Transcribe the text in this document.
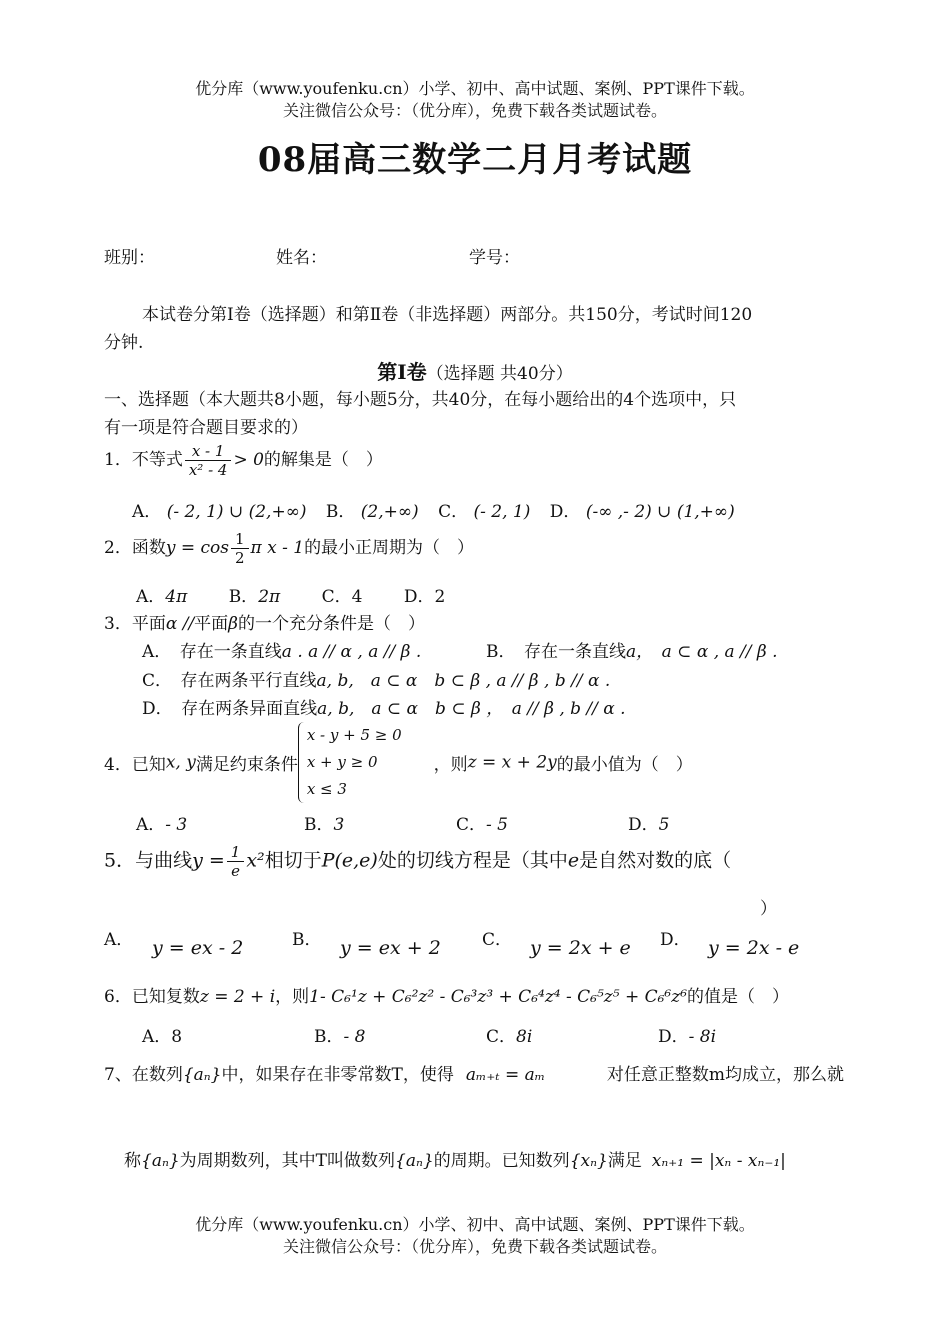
优分库（www.youfenku.cn）小学、初中、高中试题、案例、PPT课件下载。
关注微信公众号：（优分库），免费下载各类试题试卷。
08届高三数学二月月考试题
班别：	姓名：	学号：
本试卷分第Ⅰ卷（选择题）和第Ⅱ卷（非选择题）两部分。共150分，考试时间120
分钟.
第Ⅰ卷（选择题 共40分）
一、选择题（本大题共8小题，每小题5分，共40分，在每小题给出的4个选项中，只
有一项是符合题目要求的）
1．不等式 $\frac{x - 1}{\text{x² - 4}} > 0$的解集是（　）
A． (- 2, 1) ∪ (2,+∞) B． (2,+∞) C． (- 2, 1) D． (-∞ ,- 2) ∪ (1,+∞)
2．函数$y = \cos \frac{1}{2}$ π x - 1的最小正周期为（　）
A．4π B．2π C．4 D．2
3．平面α //平面β的一个充分条件是（　）
A．　存在一条直线a . a // α , a // β .	B．　存在一条直线a，　a ⊂ α , a // β .
C．　存在两条平行直线a, b,　a ⊂ α　b ⊂ β , a // β , b // α .
D．　存在两条异面直线a, b,　a ⊂ α　b ⊂ β ，　a // β , b // α .
4．已知x, y满足约束条件
x - y + 5 ≥ 0
x + y ≥ 0
x ≤ 3
，则z = x + 2y的最小值为（　）
A．- 3	B．3	C．- 5	D．5
5．与曲线$y = \frac{1}{e} x^2$相切于P(e,e)处的切线方程是（其中e是自然对数的底（
）
A． y = ex - 2	B． y = ex + 2 C． y = 2x + e D． y = 2x - e
6．已知复数z = 2 + i，则1- C₆¹z + C₆²z² - C₆³z³ + C₆⁴z⁴ - C₆⁵z⁵ + C₆⁶z⁶的值是（　）
A．8	B．- 8	C．8i	D．- 8i
7、在数列{aₙ}中，如果存在非零常数T，使得 aₘ₊ₜ = aₘ	对任意正整数m均成立，那么就
称{aₙ}为周期数列，其中T叫做数列{aₙ}的周期。已知数列{xₙ}满足 xₙ₊₁ = |xₙ - xₙ₋₁|
优分库（www.youfenku.cn）小学、初中、高中试题、案例、PPT课件下载。
关注微信公众号：（优分库），免费下载各类试题试卷。
